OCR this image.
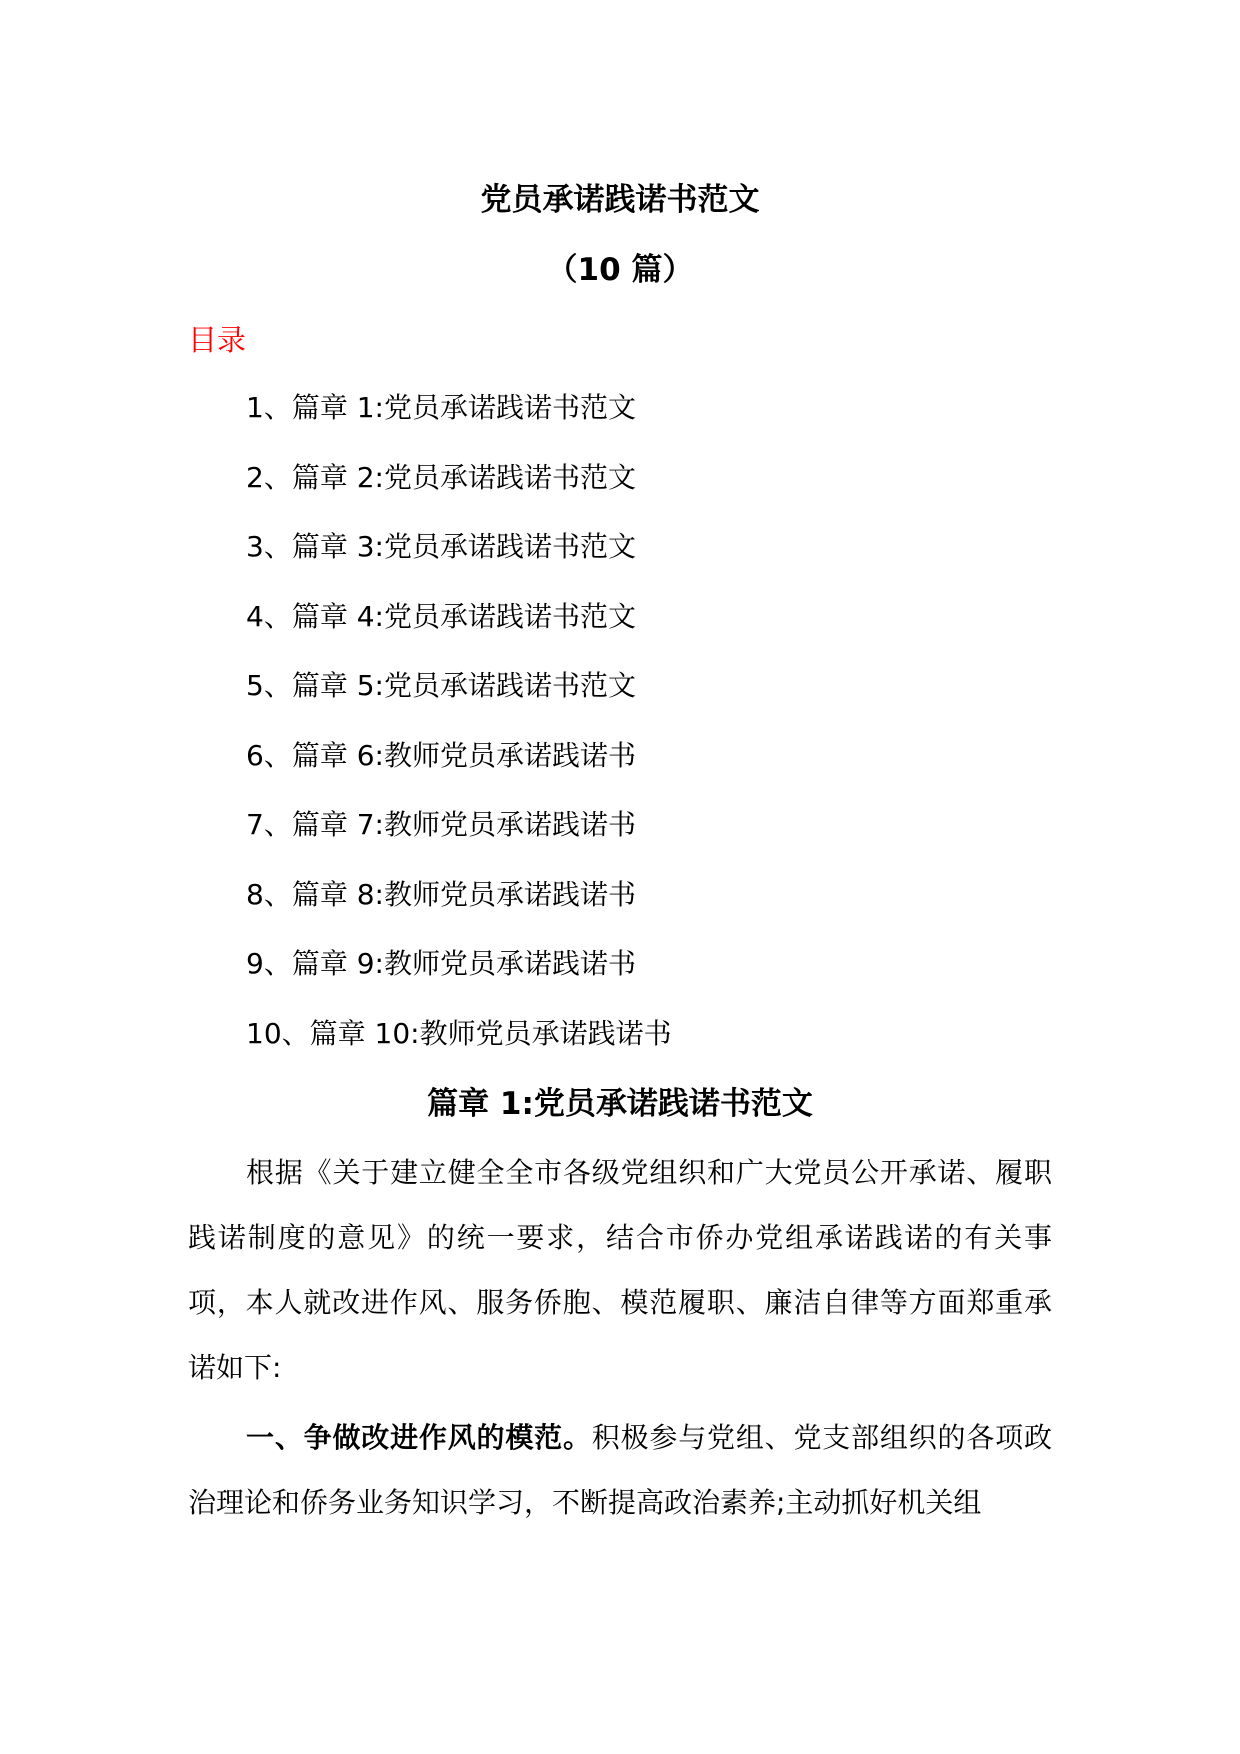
党员承诺践诺书范文
（10 篇）
目录
1、篇章 1:党员承诺践诺书范文
2、篇章 2:党员承诺践诺书范文
3、篇章 3:党员承诺践诺书范文
4、篇章 4:党员承诺践诺书范文
5、篇章 5:党员承诺践诺书范文
6、篇章 6:教师党员承诺践诺书
7、篇章 7:教师党员承诺践诺书
8、篇章 8:教师党员承诺践诺书
9、篇章 9:教师党员承诺践诺书
10、篇章 10:教师党员承诺践诺书
篇章 1:党员承诺践诺书范文

根据《关于建立健全全市各级党组织和广大党员公开承诺、履职践诺制度的意见》的统一要求，结合市侨办党组承诺践诺的有关事项，本人就改进作风、服务侨胞、模范履职、廉洁自律等方面郑重承诺如下:

一、争做改进作风的模范。积极参与党组、党支部组织的各项政治理论和侨务业务知识学习，不断提高政治素养;主动抓好机关组
